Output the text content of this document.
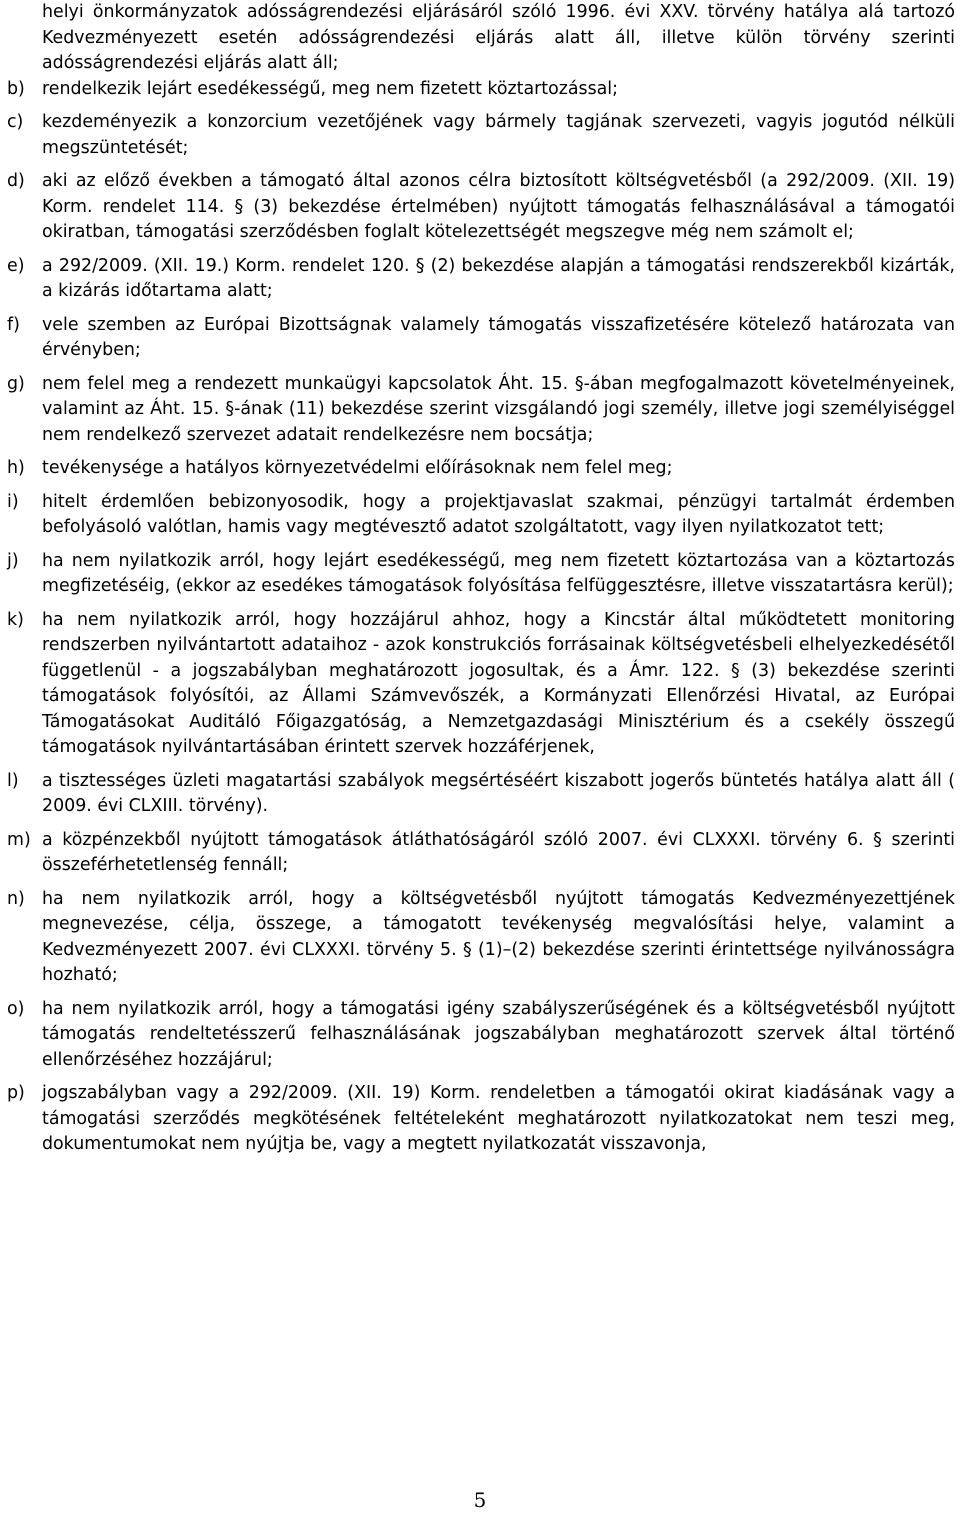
helyi önkormányzatok adósságrendezési eljárásáról szóló 1996. évi XXV. törvény hatálya alá tartozó Kedvezményezett esetén adósságrendezési eljárás alatt áll, illetve külön törvény szerinti adósságrendezési eljárás alatt áll;

b) rendelkezik lejárt esedékességű, meg nem fizetett köztartozással;
c)	kezdeményezik a konzorcium vezetőjének vagy bármely tagjának szervezeti, vagyis jogutód nélküli megszüntetését;
d) aki az előző években a támogató által azonos célra biztosított költségvetésből (a 292/2009. (XII. 19) Korm. rendelet 114. § (3) bekezdése értelmében) nyújtott támogatás felhasználásával a támogatói okiratban, támogatási szerződésben foglalt kötelezettségét megszegve még nem számolt el;
e)	a 292/2009. (XII. 19.) Korm. rendelet 120. § (2) bekezdése alapján a támogatási rendszerekből kizárták, a kizárás időtartama alatt;
f)	vele szemben az Európai Bizottságnak valamely támogatás visszafizetésére kötelező határozata van érvényben;
g) nem felel meg a rendezett munkaügyi kapcsolatok Áht. 15. §-ában megfogalmazott követelményeinek, valamint az Áht. 15. §-ának (11) bekezdése szerint vizsgálandó jogi személy, illetve jogi személyiséggel nem rendelkező szervezet adatait rendelkezésre nem bocsátja;
h) tevékenysége a hatályos környezetvédelmi előírásoknak nem felel meg;
i)	hitelt érdemlően bebizonyosodik, hogy a projektjavaslat szakmai, pénzügyi tartalmát érdemben befolyásoló valótlan, hamis vagy megtévesztő adatot szolgáltatott, vagy ilyen nyilatkozatot tett;
j)	ha nem nyilatkozik arról, hogy lejárt esedékességű, meg nem fizetett köztartozása van a köztartozás megfizetéséig, (ekkor az esedékes támogatások folyósítása felfüggesztésre, illetve visszatartásra kerül);
k)	ha nem nyilatkozik arról, hogy hozzájárul ahhoz, hogy a Kincstár által működtetett monitoring rendszerben nyilvántartott adataihoz - azok konstrukciós forrásainak költségvetésbeli elhelyezkedésétől függetlenül - a jogszabályban meghatározott jogosultak, és a Ámr. 122. § (3) bekezdése szerinti támogatások folyósítói, az Állami Számvevőszék, a Kormányzati Ellenőrzési Hivatal, az Európai Támogatásokat Auditáló Főigazgatóság, a Nemzetgazdasági Minisztérium és a csekély összegű támogatások nyilvántartásában érintett szervek hozzáférjenek,
l)	a tisztességes üzleti magatartási szabályok megsértéséért kiszabott jogerős büntetés hatálya alatt áll ( 2009. évi CLXIII. törvény).
m) a közpénzekből nyújtott támogatások átláthatóságáról szóló 2007. évi CLXXXI. törvény 6. § szerinti összeférhetetlenség fennáll;
n) ha nem nyilatkozik arról, hogy a költségvetésből nyújtott támogatás Kedvezményezettjének megnevezése, célja, összege, a támogatott tevékenység megvalósítási helye, valamint a Kedvezményezett 2007. évi CLXXXI. törvény 5. § (1)–(2) bekezdése szerinti érintettsége nyilvánosságra hozható;
o)	ha nem nyilatkozik arról, hogy a támogatási igény szabályszerűségének és a költségvetésből nyújtott támogatás rendeltetésszerű felhasználásának jogszabályban meghatározott szervek által történő ellenőrzéséhez hozzájárul;
p) jogszabályban vagy a 292/2009. (XII. 19) Korm. rendeletben a támogatói okirat kiadásának vagy a támogatási szerződés megkötésének feltételeként meghatározott nyilatkozatokat nem teszi meg, dokumentumokat nem nyújtja be, vagy a megtett nyilatkozatát visszavonja,
5
